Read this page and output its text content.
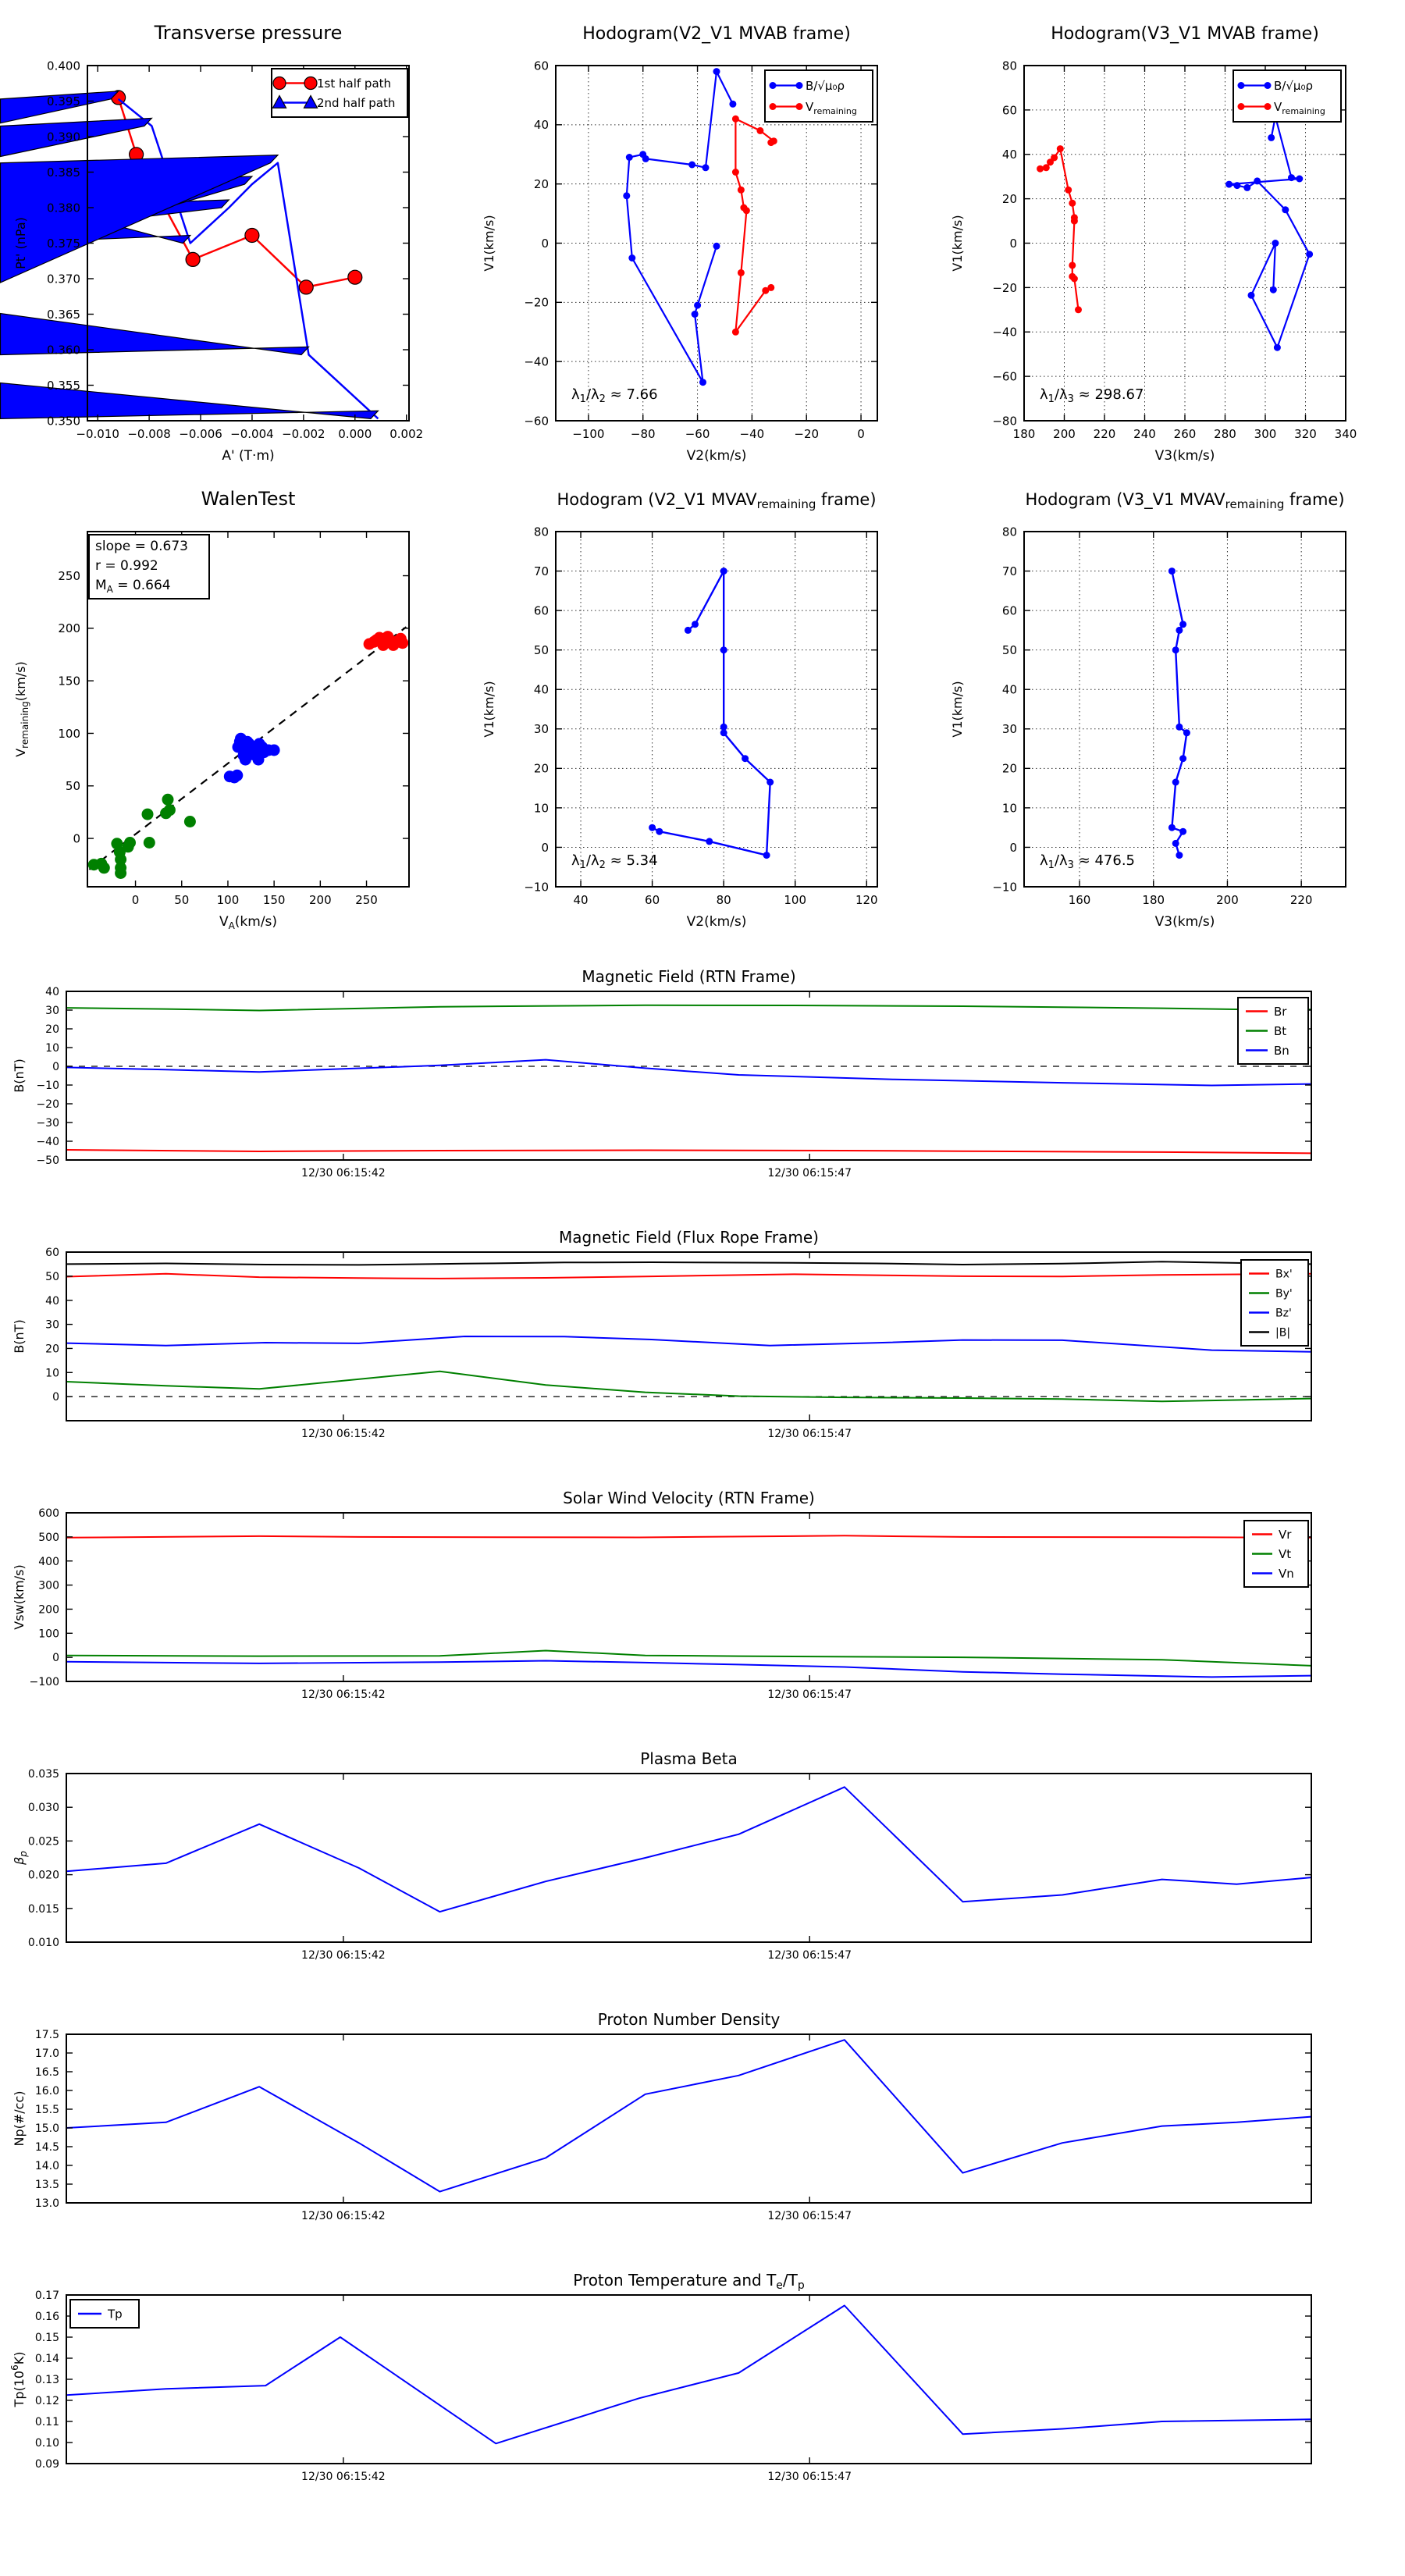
−0.010 −0.008 −0.006 −0.004 −0.002 0.000 0.002
0.350
0.355
0.360
0.365
0.370
0.375
0.380
0.385
0.390
0.395
0.400
Transverse pressure
A' (T·m)
Pt' (nPa)
1st half path
2nd half path
−100 −80	−60	−40	−20	0
−60
−40
−20
0
20
40
60
Hodogram(V2_V1 MVAB frame)
V2(km/s)
V1(km/s)
B/√μ₀ρ
$V_{remaining}$
$\lambda_1/\lambda_2 \approx 7.66$
180 200 220 240 260 280 300 320 340
−80
−60
−40
−20
0
20
40
60
80
Hodogram(V3_V1 MVAB frame)
V3(km/s)
V1(km/s)
B/√μ₀ρ
$V_{remaining}$
$\lambda_1/\lambda_3 \approx 298.67$
0	50 100 150 200 250
0
50
100
150
200
250
WalenTest
$V_A(km/s)$
$V_{remaining}(km/s)$
slope = 0.673
r = 0.992
$M_A = 0.664$
40	60	80	100	120
−10
0
10
20
30
40
50
60
70
80
Hodogram (V2_V1 MVAVremaining frame)
V2(km/s)
V1(km/s)
$\lambda_1/\lambda_2 \approx 5.34$
160	180	200	220
−10
0
10
20
30
40
50
60
70
80
Hodogram (V3_V1 MVAVremaining frame)
V3(km/s)
V1(km/s)
$\lambda_1/\lambda_3 \approx 476.5$
12/30 06:15:42	12/30 06:15:47
−50
−40
−30
−20
−10
0
10
20
30
40
Magnetic Field (RTN Frame)
B(nT)
Br
Bt
Bn
12/30 06:15:42	12/30 06:15:47
0
10
20
30
40
50
60
Magnetic Field (Flux Rope Frame)
B(nT)
Bx'
By'
Bz'
|B|
12/30 06:15:42	12/30 06:15:47
−100
0
100
200
300
400
500
600
Solar Wind Velocity (RTN Frame)
Vsw(km/s)
Vr
Vt
Vn
12/30 06:15:42	12/30 06:15:47
0.010
0.015
0.020
0.025
0.030
0.035
Plasma Beta
$\beta_p$
12/30 06:15:42	12/30 06:15:47
13.0
13.5
14.0
14.5
15.0
15.5
16.0
16.5
17.0
17.5
Proton Number Density
Np(#/cc)
12/30 06:15:42	12/30 06:15:47
0.09
0.10
0.11
0.12
0.13
0.14
0.15
0.16
0.17
Proton Temperature and $T_e/T_p$
$Tp(10^6K)$
Tp
